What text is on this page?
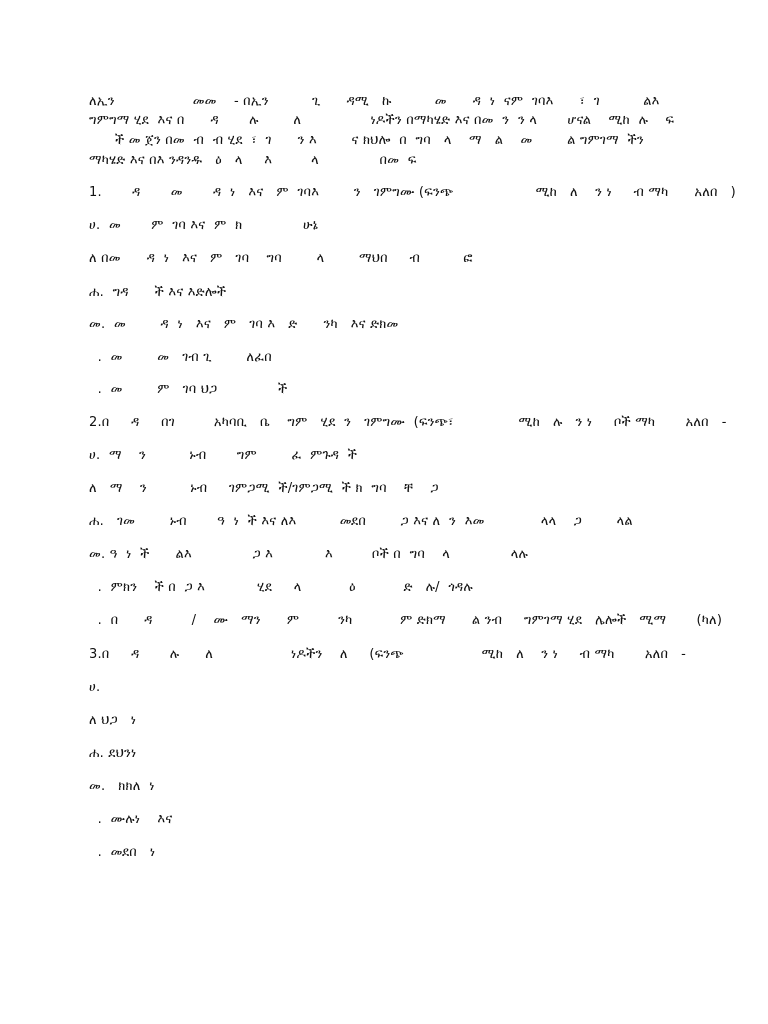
ለኢን                  መመ    - በኢን          ጊ      ዳሚ   ኩ          መ      ዳ  ነ  ናም  ገባእ      ፣  ገ          ልእ
ግምግማ ሂደ  እና በ      ዳ       ሉ        ለ                ነዶችን በማካሄድ እና በመ  ን  ን ላ       ሆናል    ሚከ  ሉ    ፍ
ች መ ጀን በመ  ብ  ብ ሂደ  ፣  ገ      ን እ        ና ክህሎ  በ  ግባ   ላ    ማ   ል    መ        ል ግምገማ  ችን
ማካሄድ እና በእ ንዳንዱ   ዕ   ላ     እ         ላ              በመ  ፍ
1.       ዳ       መ       ዳ  ነ   እና   ም  ገባእ        ን   ገምግሙ (ፍንጭ                   ሚከ   ለ    ን ነ     ብ ማካ      አለበ   )
ሀ.  መ       ም  ገባ እና  ም  ክ              ሁኔ
ለ በመ      ዳ  ነ   እና   ም   ገባ    ግባ        ላ        ማህበ     ብ          ፎ
ሐ.  ግዳ      ች እና እድሎች
መ.  መ        ዳ  ነ   እና   ም   ገባ እ   ድ      ንካ   እና ድክመ
.  መ        መ   ገብ ጊ        ለፈበ
.  መ        ም   ገባ ህጋ              ች
2.በ     ዳ     በገ         አካባቢ   ቤ    ግም   ሂደ  ን   ገምግሙ  (ፍንጭ፣               ሚከ   ሉ   ን ነ     ቦች ማካ       አለበ   -
ሀ.  ማ    ን          ኑብ       ግም        ፈ  ምጉዳ  ች
ለ   ማ    ን          ኑብ     ገምጋሚ  ች/ገምጋሚ  ች ክ  ግባ    ቸ    ጋ
ሐ.   ገመ        ኑብ       ዓ  ነ  ች እና ለእ          መደበ        ጋ እና ለ  ን  እመ             ላላ    ጋ        ላል
መ. ዓ  ነ  ች      ልእ              ጋ እ            እ         ቦች በ  ግባ    ላ              ላሉ
.  ምክን    ች በ  ጋ እ            ሂደ     ላ           ዕ           ድ   ሉ/  ጎዳሉ
.  በ      ዳ         /    ሙ   ማን      ም         ንካ           ም ድክማ      ል ንብ     ግምገማ ሂደ   ሌሎች   ሚማ       (ካለ)
3.በ     ዳ       ሉ      ለ                  ነዶችን    ለ     (ፍንጭ                  ሚከ   ለ    ን ነ     ብ ማካ       አለበ   -
ሀ.
ለ ህጋ   ነ
ሐ. ደህንነ
መ.   ክክለ  ነ
.  ሙሉነ    እና
.  መደበ   ነ
